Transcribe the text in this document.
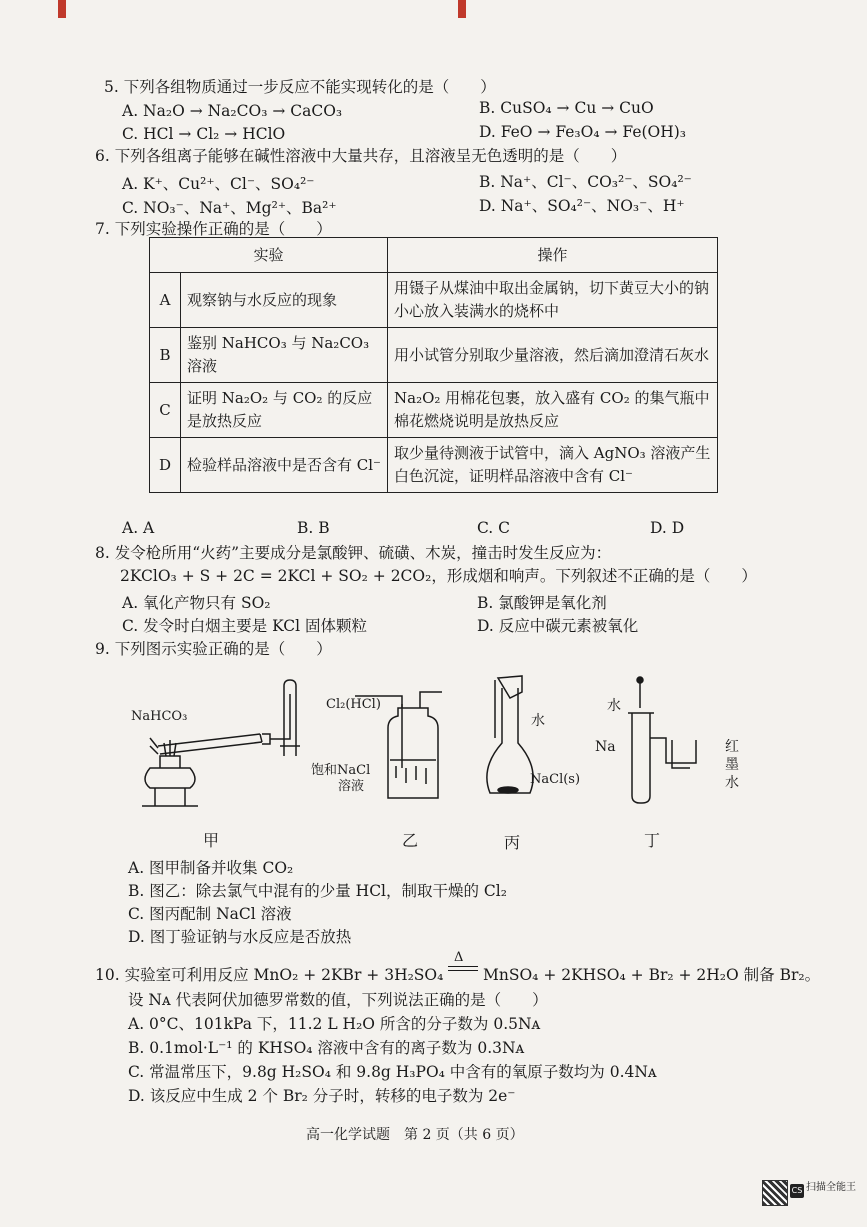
5. 下列各组物质通过一步反应不能实现转化的是（　　）
A. Na₂O → Na₂CO₃ → CaCO₃	B. CuSO₄ → Cu → CuO
C. HCl → Cl₂ → HClO	D. FeO → Fe₃O₄ → Fe(OH)₃
6. 下列各组离子能够在碱性溶液中大量共存，且溶液呈无色透明的是（　　）
A. K⁺、Cu²⁺、Cl⁻、SO₄²⁻	B. Na⁺、Cl⁻、CO₃²⁻、SO₄²⁻
C. NO₃⁻、Na⁺、Mg²⁺、Ba²⁺	D. Na⁺、SO₄²⁻、NO₃⁻、H⁺
7. 下列实验操作正确的是（　　）
实验		操作
A	观察钠与水反应的现象	用镊子从煤油中取出金属钠，切下黄豆大小的钠小心放入装满水的烧杯中
B	鉴别 NaHCO₃ 与 Na₂CO₃ 溶液	用小试管分别取少量溶液，然后滴加澄清石灰水
C	证明 Na₂O₂ 与 CO₂ 的反应是放热反应	Na₂O₂ 用棉花包裹，放入盛有 CO₂ 的集气瓶中棉花燃烧说明是放热反应
D	检验样品溶液中是否含有 Cl⁻	取少量待测液于试管中，滴入 AgNO₃ 溶液产生白色沉淀，证明样品溶液中含有 Cl⁻
A. A	B. B	C. C	D. D
8. 发令枪所用“火药”主要成分是氯酸钾、硫磺、木炭，撞击时发生反应为：
2KClO₃ + S + 2C = 2KCl + SO₂ + 2CO₂，形成烟和响声。下列叙述不正确的是（　　）
A. 氧化产物只有 SO₂	B. 氯酸钾是氧化剂
C. 发令时白烟主要是 KCl 固体颗粒	D. 反应中碳元素被氧化
9. 下列图示实验正确的是（　　）
NaHCO₃
Cl₂(HCl)
饱和NaCl
溶液
水
NaCl(s)
水
Na	红
墨
水
甲	乙	丙	丁
A. 图甲制备并收集 CO₂
B. 图乙：除去氯气中混有的少量 HCl，制取干燥的 Cl₂
C. 图丙配制 NaCl 溶液
D. 图丁验证钠与水反应是否放热
10. 实验室可利用反应 MnO₂ + 2KBr + 3H₂SO₄
Δ
MnSO₄ + 2KHSO₄ + Br₂ + 2H₂O 制备 Br₂。
设 Nᴀ 代表阿伏加德罗常数的值，下列说法正确的是（　　）
A. 0°C、101kPa 下，11.2 L H₂O 所含的分子数为 0.5Nᴀ
B. 0.1mol·L⁻¹ 的 KHSO₄ 溶液中含有的离子数为 0.3Nᴀ
C. 常温常压下，9.8g H₂SO₄ 和 9.8g H₃PO₄ 中含有的氧原子数均为 0.4Nᴀ
D. 该反应中生成 2 个 Br₂ 分子时，转移的电子数为 2e⁻
高一化学试题　第 2 页（共 6 页）
CS 扫描全能王
